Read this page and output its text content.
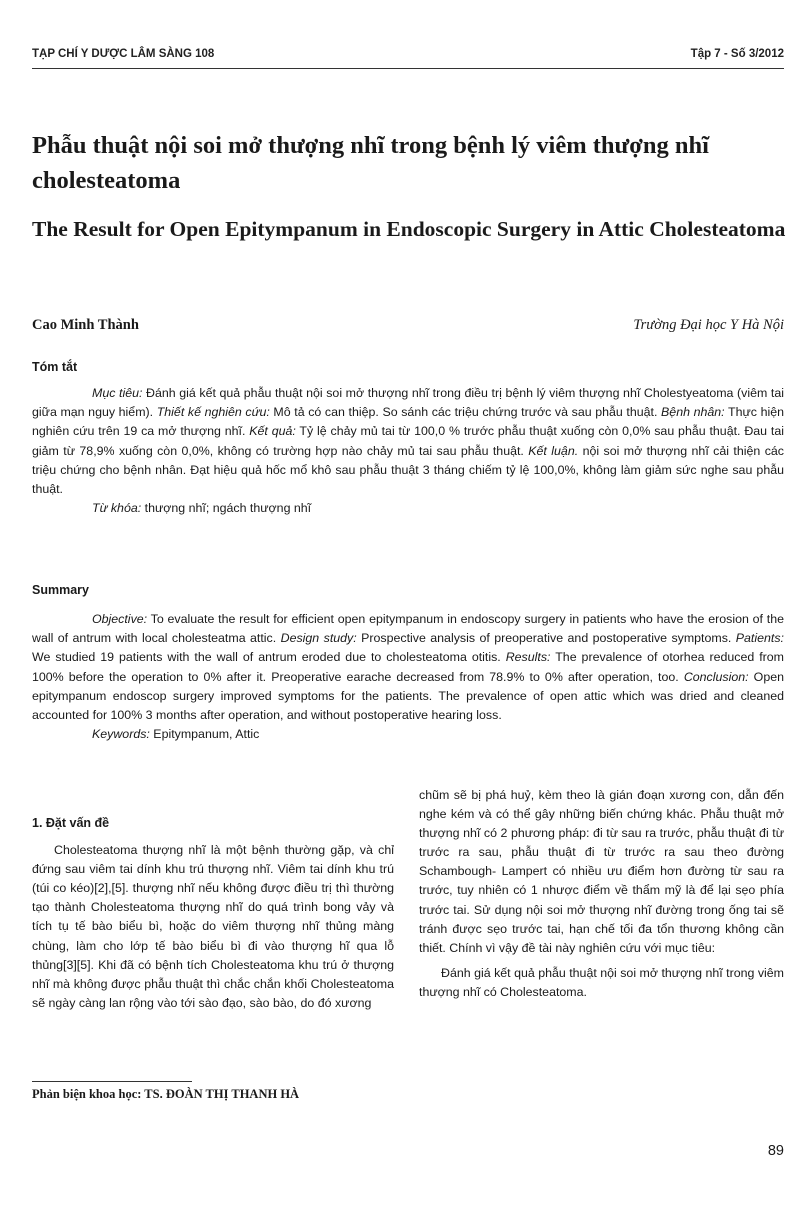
TẠP CHÍ Y DƯỢC LÂM SÀNG 108	Tập 7 - Số 3/2012
Phẫu thuật nội soi mở thượng nhĩ trong bệnh lý viêm thượng nhĩ cholesteatoma
The Result for Open Epitympanum in Endoscopic Surgery in Attic Cholesteatoma
Cao Minh Thành	Trường Đại học Y Hà Nội
Tóm tắt

Mục tiêu: Đánh giá kết quả phẫu thuật nội soi mở thượng nhĩ trong điều trị bệnh lý viêm thượng nhĩ Cholestyeatoma (viêm tai giữa mạn nguy hiểm). Thiết kế nghiên cứu: Mô tả có can thiệp. So sánh các triệu chứng trước và sau phẫu thuật. Bệnh nhân: Thực hiện nghiên cứu trên 19 ca mở thượng nhĩ. Kết quả: Tỷ lệ chảy mủ tai từ 100,0 % trước phẫu thuật xuống còn 0,0% sau phẫu thuật. Đau tai giảm từ 78,9% xuống còn 0,0%, không có trường hợp nào chảy mủ tai sau phẫu thuật. Kết luận. nội soi mở thượng nhĩ cải thiện các triệu chứng cho bệnh nhân. Đạt hiệu quả hốc mổ khô sau phẫu thuật 3 tháng chiếm tỷ lệ 100,0%, không làm giảm sức nghe sau phẫu thuật.

Từ khóa: thượng nhĩ; ngách thượng nhĩ

Summary

Objective: To evaluate the result for efficient open epitympanum in endoscopy surgery in patients who have the erosion of the wall of antrum with local cholesteatma attic. Design study: Prospective analysis of preoperative and postoperative symptoms. Patients: We studied 19 patients with the wall of antrum eroded due to cholesteatoma otitis. Results: The prevalence of otorhea reduced from 100% before the operation to 0% after it. Preoperative earache decreased from 78.9% to 0% after operation, too. Conclusion: Open epitympanum endoscop surgery improved symptoms for the patients. The prevalence of open attic which was dried and cleaned accounted for 100% 3 months after operation, and without postoperative hearing loss.

Keywords: Epitympanum, Attic

1. Đặt vấn đề

Cholesteatoma thượng nhĩ là một bệnh thường gặp, và chỉ đứng sau viêm tai dính khu trú thượng nhĩ. Viêm tai dính khu trú (túi co kéo)[2],[5]. thượng nhĩ nếu không được điều trị thì thường tạo thành Cholesteatoma thượng nhĩ do quá trình bong vảy và tích tụ tế bào biểu bì, hoặc do viêm thượng nhĩ thủng màng chùng, làm cho lớp tế bào biểu bì đi vào thượng hĩ qua lỗ thủng[3][5]. Khi đã có bệnh tích Cholesteatoma khu trú ở thượng nhĩ mà không được phẫu thuật thì chắc chắn khối Cholesteatoma sẽ ngày càng lan rộng vào tới sào đạo, sào bào, do đó xương

chũm sẽ bị phá huỷ, kèm theo là gián đoạn xương con, dẫn đến nghe kém và có thể gây những biến chứng khác. Phẫu thuật mở thượng nhĩ có 2 phương pháp: đi từ sau ra trước, phẫu thuật đi từ trước ra sau, phẫu thuật đi từ trước ra sau theo đường Schambough- Lampert có nhiều ưu điểm hơn đường từ sau ra trước, tuy nhiên có 1 nhược điểm về thẩm mỹ là để lại sẹo phía trước tai. Sử dụng nội soi mở thượng nhĩ đường trong ống tai sẽ tránh được sẹo trước tai, hạn chế tối đa tổn thương không cần thiết. Chính vì vậy đề tài này nghiên cứu với mục tiêu:

Đánh giá kết quả phẫu thuật nội soi mở thượng nhĩ trong viêm thượng nhĩ có Cholesteatoma.

Phản biện khoa học: TS. ĐOÀN THỊ THANH HÀ
89
